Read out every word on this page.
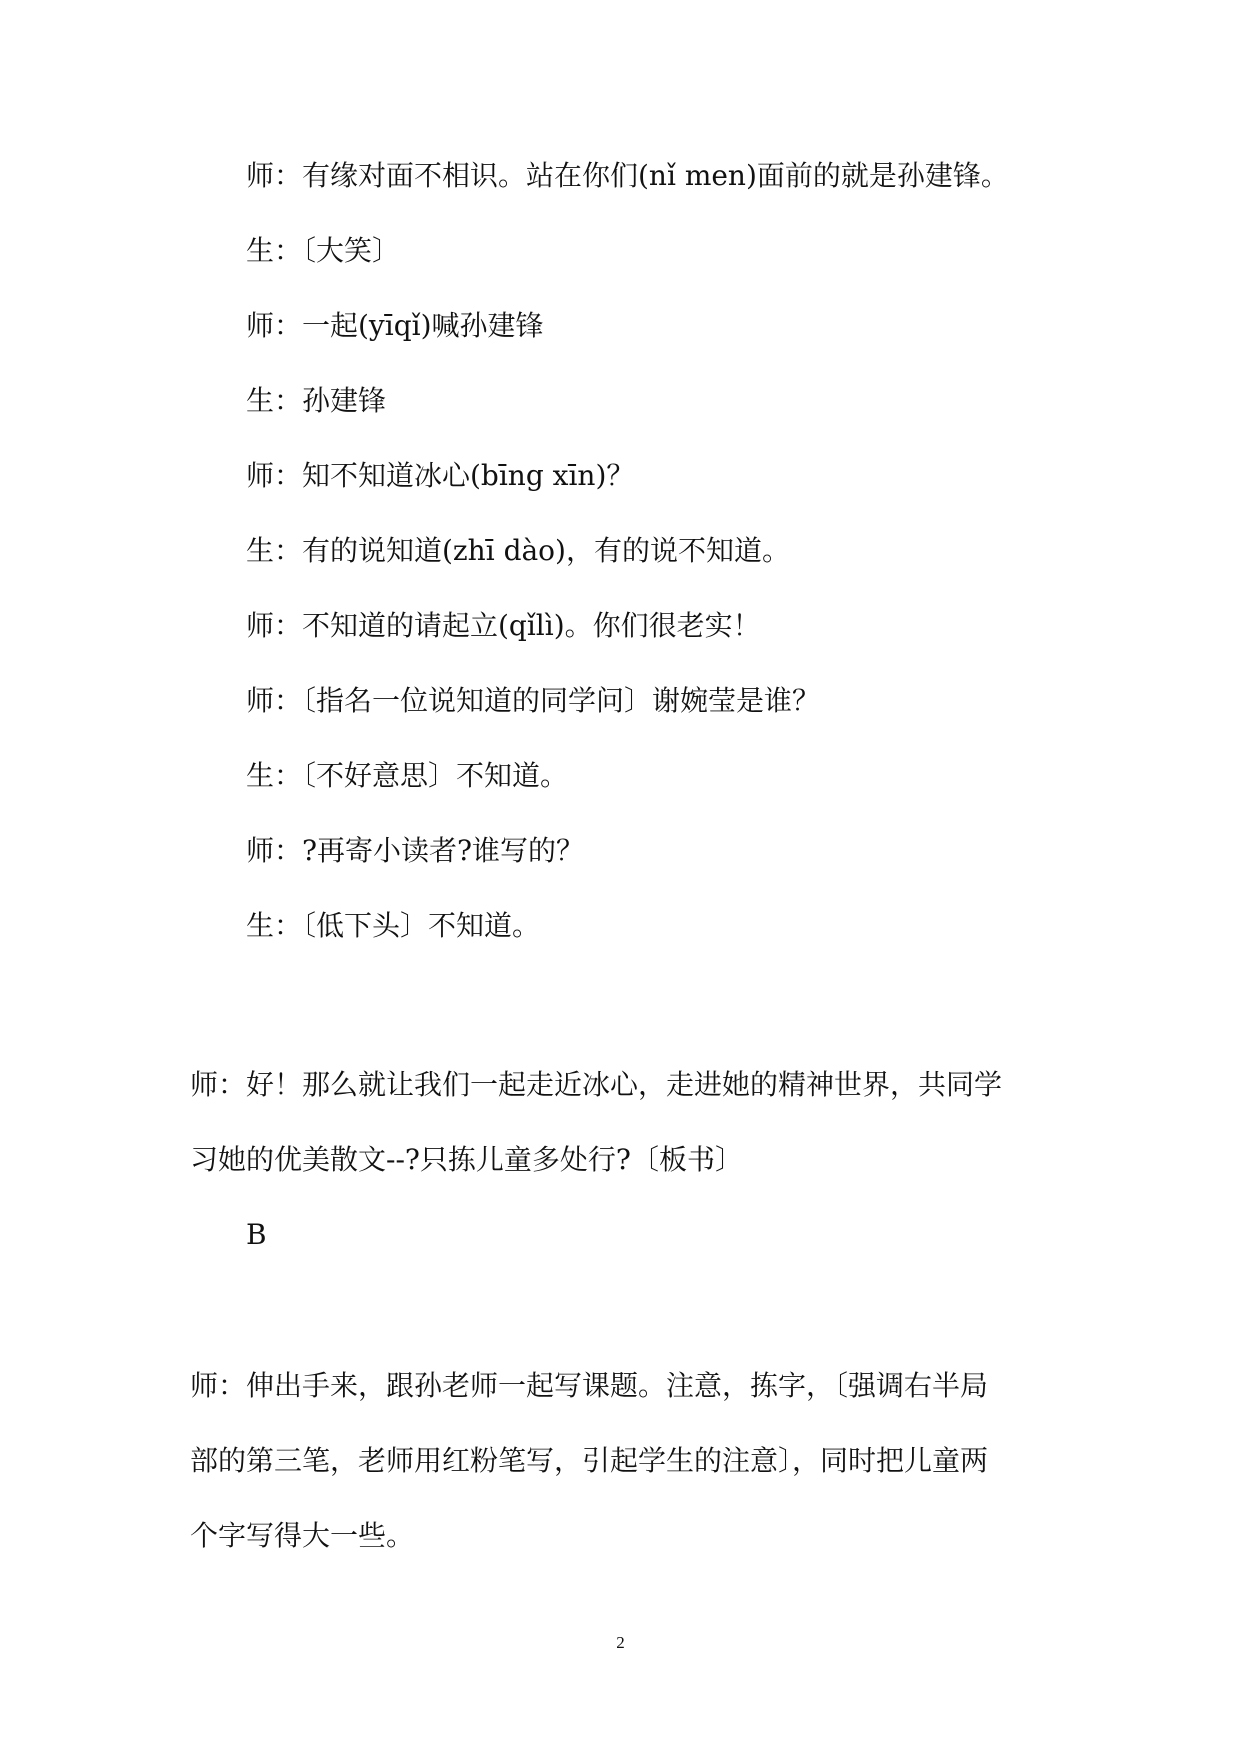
师：有缘对面不相识。站在你们(nǐ men)面前的就是孙建锋。
生：〔大笑〕
师：一起(yīqǐ)喊孙建锋
生：孙建锋
师：知不知道冰心(bīng xīn)？
生：有的说知道(zhī dào)，有的说不知道。
师：不知道的请起立(qǐlì)。你们很老实！
师：〔指名一位说知道的同学问〕谢婉莹是谁？
生：〔不好意思〕不知道。
师：?再寄小读者?谁写的？
生：〔低下头〕不知道。
师：好！那么就让我们一起走近冰心，走进她的精神世界，共同学
习她的优美散文--?只拣儿童多处行?〔板书〕
B
师：伸出手来，跟孙老师一起写课题。注意，拣字，〔强调右半局
部的第三笔，老师用红粉笔写，引起学生的注意〕，同时把儿童两
个字写得大一些。
2
